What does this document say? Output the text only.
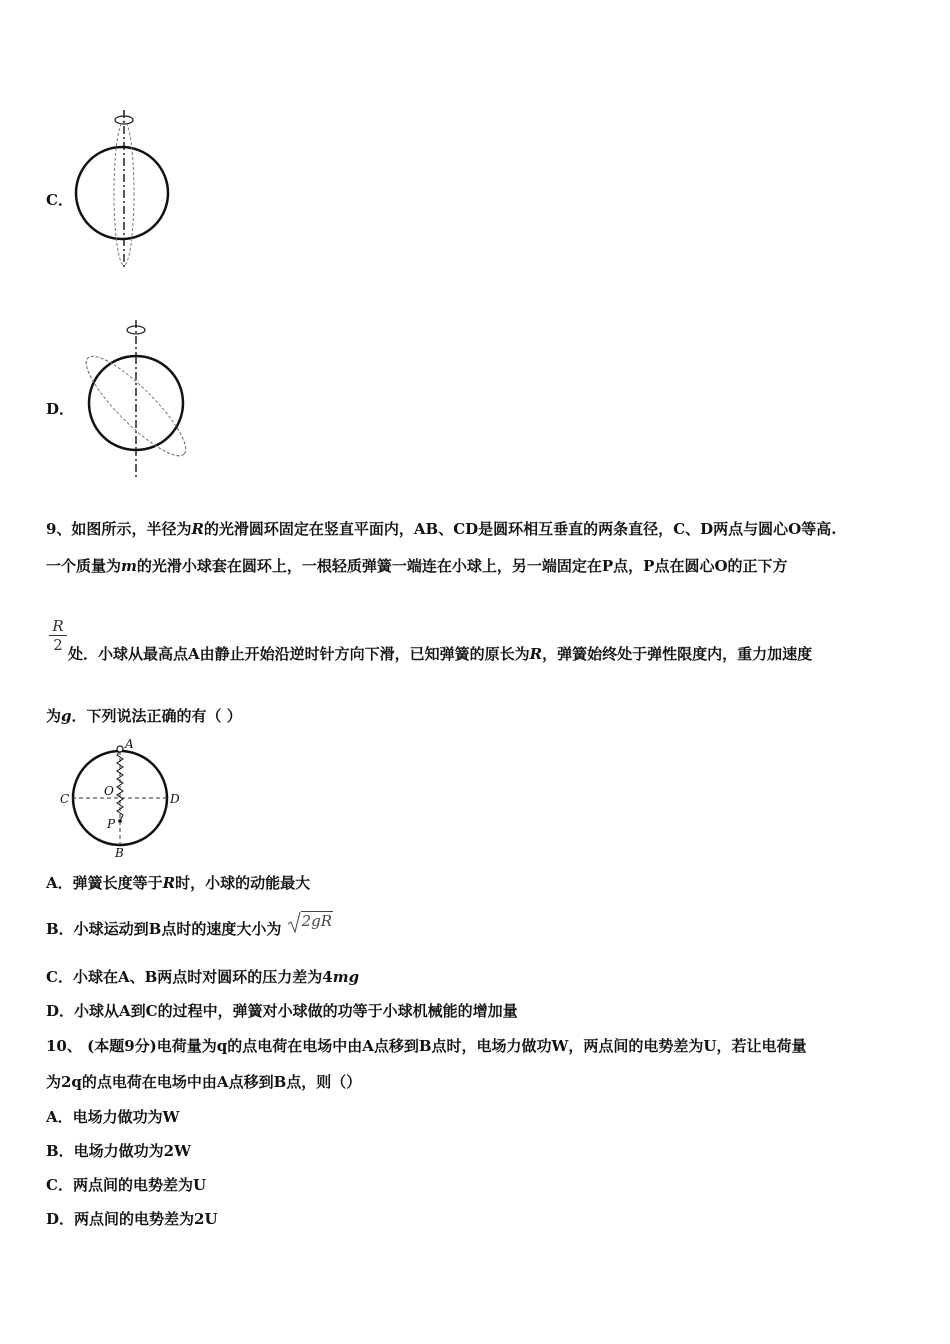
C．
D．
9、如图所示，半径为R的光滑圆环固定在竖直平面内，AB、CD是圆环相互垂直的两条直径，C、D两点与圆心O等高.
一个质量为m的光滑小球套在圆环上，一根轻质弹簧一端连在小球上，另一端固定在P点，P点在圆心O的正下方
R
2 处．小球从最高点A由静止开始沿逆时针方向下滑，已知弹簧的原长为R，弹簧始终处于弹性限度内，重力加速度
为g．下列说法正确的有（ ）
A
C	D
O
P
B
A．弹簧长度等于R时，小球的动能最大
B．小球运动到B点时的速度大小为 2gR
C．小球在A、B两点时对圆环的压力差为4mg
D．小球从A到C的过程中，弹簧对小球做的功等于小球机械能的增加量
10、 (本题9分)电荷量为q的点电荷在电场中由A点移到B点时，电场力做功W，两点间的电势差为U，若让电荷量
为2q的点电荷在电场中由A点移到B点，则（）
A．电场力做功为W
B．电场力做功为2W
C．两点间的电势差为U
D．两点间的电势差为2U
